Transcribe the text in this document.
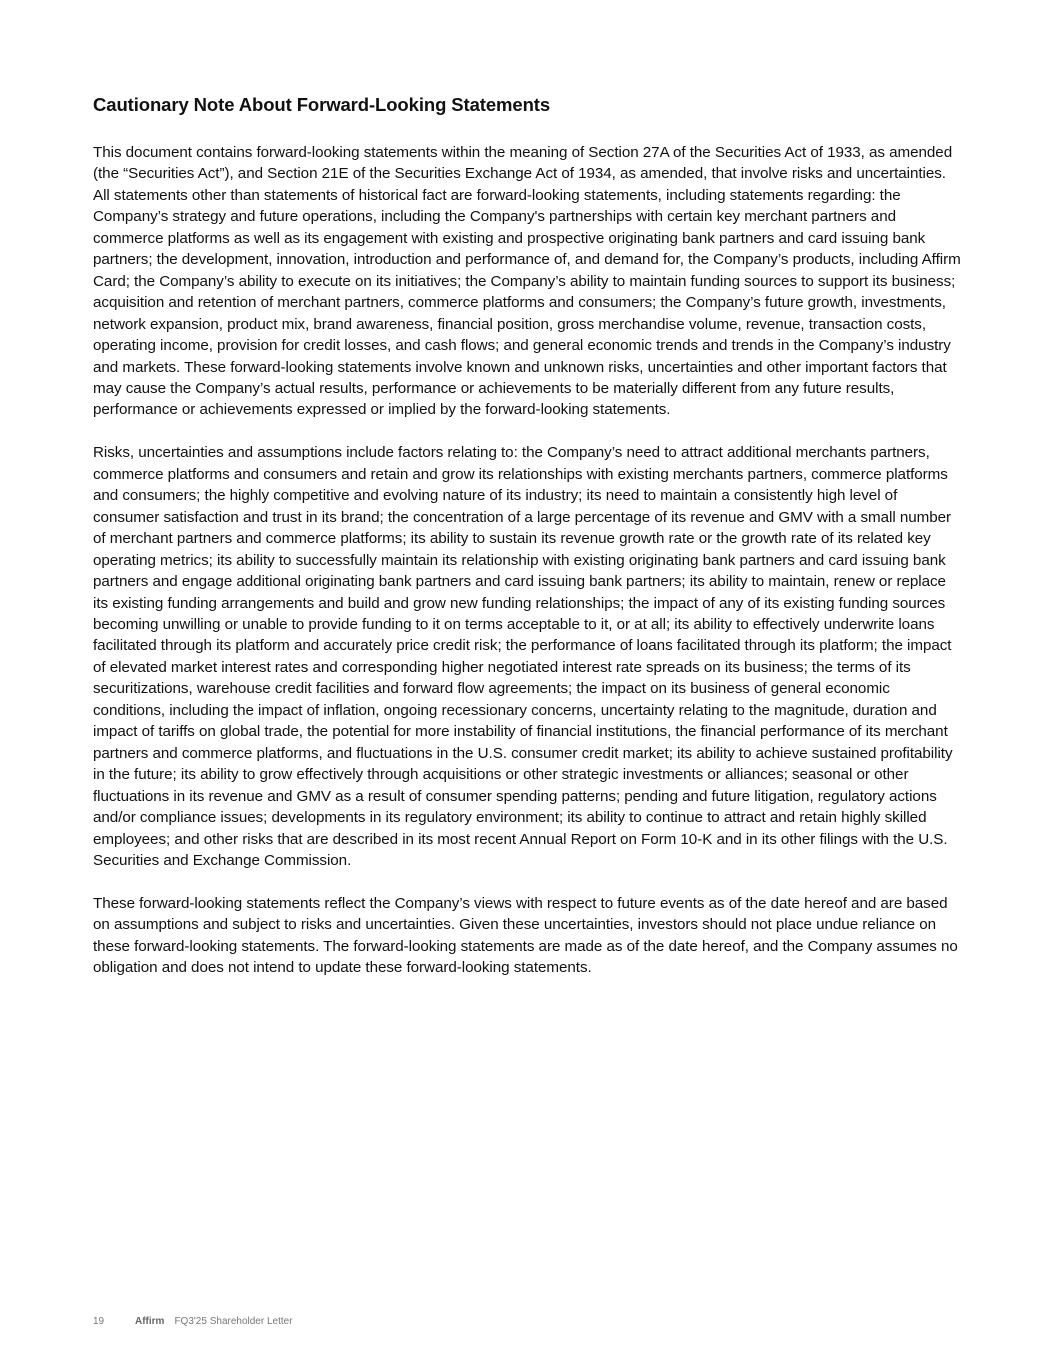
Cautionary Note About Forward-Looking Statements

This document contains forward-looking statements within the meaning of Section 27A of the Securities Act of 1933, as amended (the “Securities Act”), and Section 21E of the Securities Exchange Act of 1934, as amended, that involve risks and uncertainties. All statements other than statements of historical fact are forward-looking statements, including statements regarding: the Company’s strategy and future operations, including the Company's partnerships with certain key merchant partners and commerce platforms as well as its engagement with existing and prospective originating bank partners and card issuing bank partners; the development, innovation, introduction and performance of, and demand for, the Company’s products, including Affirm Card; the Company’s ability to execute on its initiatives; the Company’s ability to maintain funding sources to support its business; acquisition and retention of merchant partners, commerce platforms and consumers; the Company’s future growth, investments, network expansion, product mix, brand awareness, financial position, gross merchandise volume, revenue, transaction costs, operating income, provision for credit losses, and cash flows; and general economic trends and trends in the Company’s industry and markets. These forward-looking statements involve known and unknown risks, uncertainties and other important factors that may cause the Company’s actual results, performance or achievements to be materially different from any future results, performance or achievements expressed or implied by the forward-looking statements.

Risks, uncertainties and assumptions include factors relating to: the Company’s need to attract additional merchants partners, commerce platforms and consumers and retain and grow its relationships with existing merchants partners, commerce platforms and consumers; the highly competitive and evolving nature of its industry; its need to maintain a consistently high level of consumer satisfaction and trust in its brand; the concentration of a large percentage of its revenue and GMV with a small number of merchant partners and commerce platforms; its ability to sustain its revenue growth rate or the growth rate of its related key operating metrics; its ability to successfully maintain its relationship with existing originating bank partners and card issuing bank partners and engage additional originating bank partners and card issuing bank partners; its ability to maintain, renew or replace its existing funding arrangements and build and grow new funding relationships; the impact of any of its existing funding sources becoming unwilling or unable to provide funding to it on terms acceptable to it, or at all; its ability to effectively underwrite loans facilitated through its platform and accurately price credit risk; the performance of loans facilitated through its platform; the impact of elevated market interest rates and corresponding higher negotiated interest rate spreads on its business; the terms of its securitizations, warehouse credit facilities and forward flow agreements; the impact on its business of general economic conditions, including the impact of inflation, ongoing recessionary concerns, uncertainty relating to the magnitude, duration and impact of tariffs on global trade, the potential for more instability of financial institutions, the financial performance of its merchant partners and commerce platforms, and fluctuations in the U.S. consumer credit market; its ability to achieve sustained profitability in the future; its ability to grow effectively through acquisitions or other strategic investments or alliances; seasonal or other fluctuations in its revenue and GMV as a result of consumer spending patterns; pending and future litigation, regulatory actions and/or compliance issues; developments in its regulatory environment; its ability to continue to attract and retain highly skilled employees; and other risks that are described in its most recent Annual Report on Form 10-K and in its other filings with the U.S. Securities and Exchange Commission.

These forward-looking statements reflect the Company’s views with respect to future events as of the date hereof and are based on assumptions and subject to risks and uncertainties. Given these uncertainties, investors should not place undue reliance on these forward-looking statements. The forward-looking statements are made as of the date hereof, and the Company assumes no obligation and does not intend to update these forward-looking statements.

19	Affirm FQ3'25 Shareholder Letter
